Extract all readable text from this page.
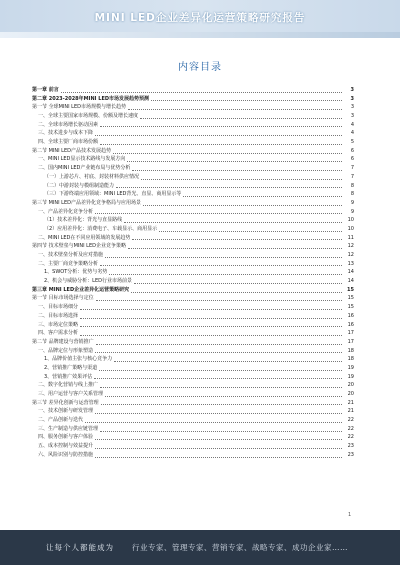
MINI LED企业差异化运营策略研究报告
内容目录
第一章 前言	3
第二章 2023-2028年MINI LED市场发展趋势预测	3
第一节 全球MINI LED市场规模与增长趋势	3
一、全球主要国家市场规模、份额及增长速度	3
二、全球市场增长驱动因素	4
三、技术进步与成本下降	4
四、全球主要厂商市场份额	5
第二节 MINI LED产品技术发展趋势	6
一、MINI LED显示技术路线与发展方向	6
二、国内MINI LED产业链布局与优势分析	7
（一）上游芯片、衬底、封装材料供应情况	7
（二）中游封装与模组制造能力	8
（三）下游终端应用领域：MINI LED背光、直显、商用显示等	8
第三节 MINI LED产品差异化竞争格局与应用场景	9
一、产品差异化竞争分析	9
（1）技术差异化：背光与直显路线	10
（2）应用差异化：消费电子、车载显示、商用显示	10
二、MINI LED在不同应用领域的发展趋势	11
第四节 技术壁垒与MINI LED企业竞争策略	12
一、技术壁垒分析及应对措施	12
二、主要厂商竞争策略分析	13
1、SWOT分析：优势与劣势	14
2、机会与威胁分析：LED行业市场前景	14
第三章 MINI LED企业差异化运营策略研究	15
第一节 目标市场选择与定位	15
一、目标市场细分	15
二、目标市场选择	16
三、市场定位策略	16
四、客户需求分析	17
第二节 品牌建设与营销推广	17
一、品牌定位与形象塑造	18
1、品牌价值主张与核心竞争力	18
2、营销推广策略与渠道	19
3、营销推广效果评估	19
二、数字化营销与线上推广	20
三、用户运营与客户关系管理	20
第三节 差异化创新与运营管理	21
一、技术创新与研发管理	21
二、产品创新与迭代	22
三、生产制造与供应链管理	22
四、服务创新与客户体验	22
五、成本控制与效益提升	23
六、风险识别与防控措施	23
1
让每个人都能成为 行业专家、管理专家、营销专家、战略专家、成功企业家……
